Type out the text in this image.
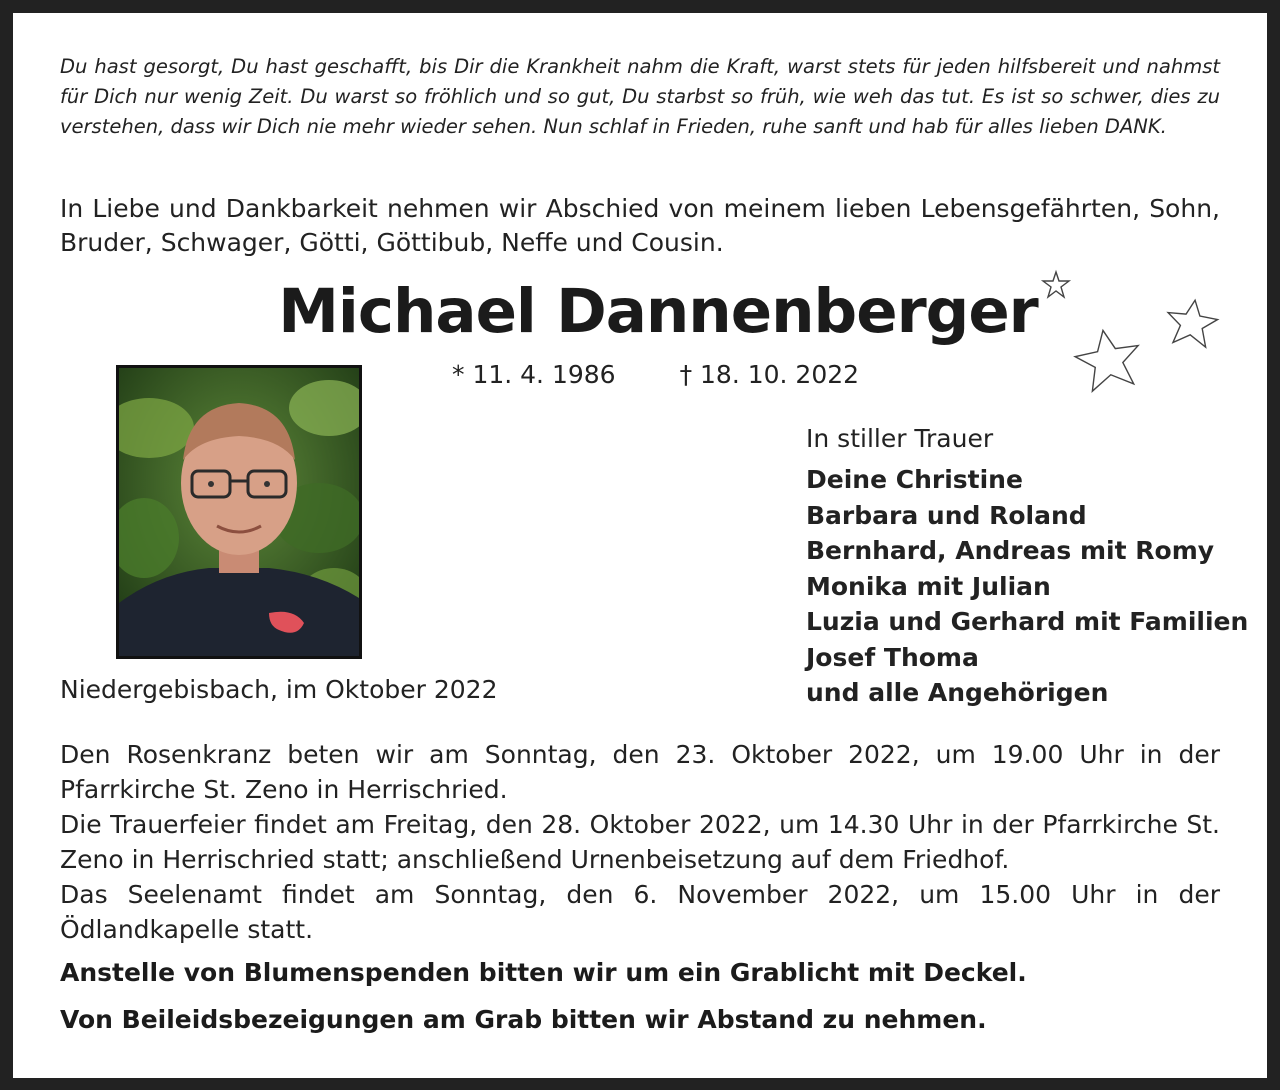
Du hast gesorgt, Du hast geschafft, bis Dir die Krankheit nahm die Kraft, warst stets für jeden hilfsbereit und nahmst für Dich nur wenig Zeit. Du warst so fröhlich und so gut, Du starbst so früh, wie weh das tut. Es ist so schwer, dies zu verstehen, dass wir Dich nie mehr wieder sehen. Nun schlaf in Frieden, ruhe sanft und hab für alles lieben DANK.
In Liebe und Dankbarkeit nehmen wir Abschied von meinem lieben Lebensgefährten, Sohn, Bruder, Schwager, Götti, Göttibub, Neffe und Cousin.
Michael Dannenberger
* 11. 4. 1986	† 18. 10. 2022
Niedergebisbach, im Oktober 2022
In stiller Trauer
Deine Christine
Barbara und Roland
Bernhard, Andreas mit Romy
Monika mit Julian
Luzia und Gerhard mit Familien
Josef Thoma
und alle Angehörigen

Den Rosenkranz beten wir am Sonntag, den 23. Oktober 2022, um 19.00 Uhr in der Pfarrkirche St. Zeno in Herrischried.

Die Trauerfeier findet am Freitag, den 28. Oktober 2022, um 14.30 Uhr in der Pfarrkirche St. Zeno in Herrischried statt; anschließend Urnenbeisetzung auf dem Friedhof.

Das Seelenamt findet am Sonntag, den 6. November 2022, um 15.00 Uhr in der Ödlandkapelle statt.

Anstelle von Blumenspenden bitten wir um ein Grablicht mit Deckel.
Von Beileidsbezeigungen am Grab bitten wir Abstand zu nehmen.
